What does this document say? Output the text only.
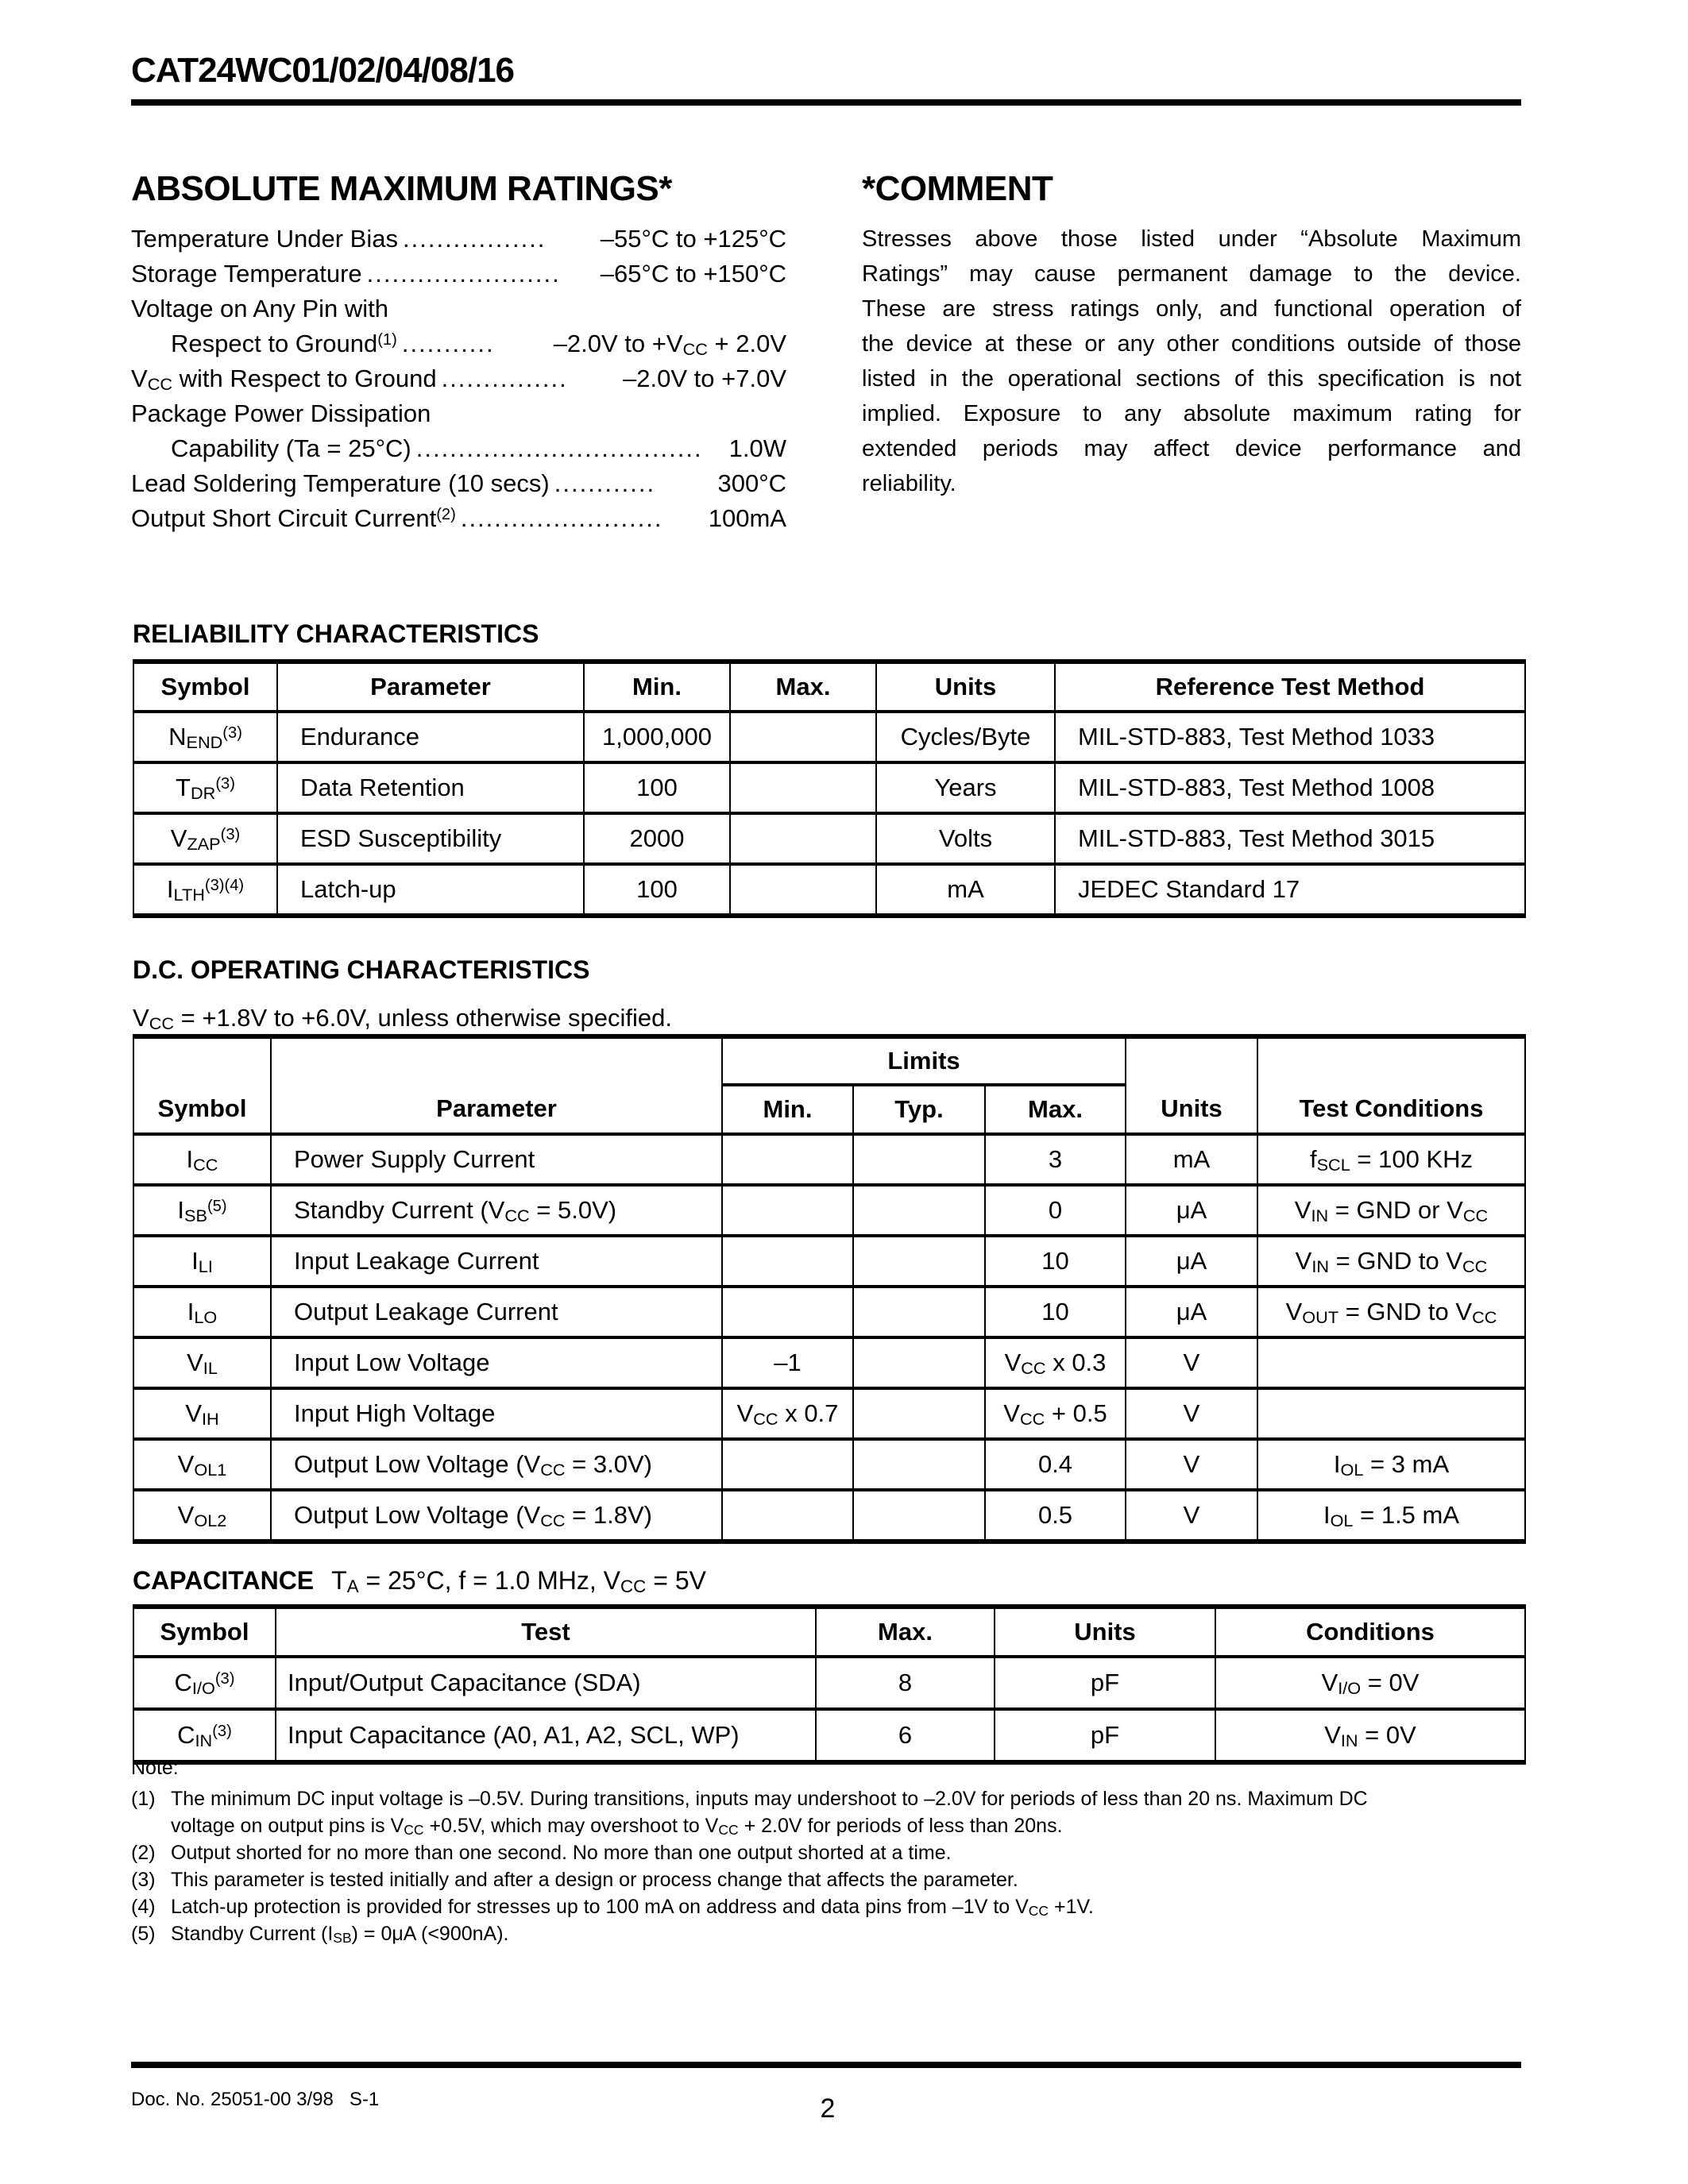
CAT24WC01/02/04/08/16
ABSOLUTE MAXIMUM RATINGS*
Temperature Under Bias .................	–55°C to +125°C
Storage Temperature .......................	–65°C to +150°C
Voltage on Any Pin with
Respect to Ground$^{(1)}$ ...........	–2.0V to $+V_{CC} + 2.0V$
$V_{CC}$ with Respect to Ground ...............	–2.0V to +7.0V
Package Power Dissipation
Capability (Ta = 25°C) ..................................	1.0W
Lead Soldering Temperature (10 secs) ............	300°C
Output Short Circuit Current$^{(2)}$ ........................	100mA
*COMMENT
Stresses above those listed under “Absolute Maximum
Ratings” may cause permanent damage to the device.
These are stress ratings only, and functional operation of
the device at these or any other conditions outside of those
listed in the operational sections of this specification is not
implied. Exposure to any absolute maximum rating for
extended periods may affect device performance and
reliability.
RELIABILITY CHARACTERISTICS
Symbol	Parameter	Min.	Max.	Units	Reference Test Method
$N_{END}^{(3)}$	Endurance	1,000,000		Cycles/Byte	MIL-STD-883, Test Method 1033
$T_{DR}^{(3)}$	Data Retention	100		Years	MIL-STD-883, Test Method 1008
$V_{ZAP}^{(3)}$	ESD Susceptibility	2000		Volts	MIL-STD-883, Test Method 3015
$I_{LTH}^{(3)(4)}$	Latch-up	100		mA	JEDEC Standard 17
D.C. OPERATING CHARACTERISTICS
$V_{CC} = +1.8V$ to +6.0V, unless otherwise specified.
Symbol	Parameter	Limits			Units	Test Conditions
		Min.	Typ.	Max.		
$I_{CC}$	Power Supply Current			3	mA	$f_{SCL} = 100$ KHz
$I_{SB}^{(5)}$	Standby Current $(V_{CC} = 5.0V)$			0	μA	$V_{IN}$ = GND or $V_{CC}$
$I_{LI}$	Input Leakage Current			10	μA	$V_{IN}$ = GND to $V_{CC}$
$I_{LO}$	Output Leakage Current			10	μA	$V_{OUT}$ = GND to $V_{CC}$
$V_{IL}$	Input Low Voltage	–1		$V_{CC}$ x 0.3	V	
$V_{IH}$	Input High Voltage	$V_{CC}$ x 0.7		$V_{CC} + 0.5$	V	
$V_{OL1}$	Output Low Voltage $(V_{CC} = 3.0V)$			0.4	V	$I_{OL} = 3$ mA
$V_{OL2}$	Output Low Voltage $(V_{CC} = 1.8V)$			0.5	V	$I_{OL} = 1.5$ mA
CAPACITANCE $T_A = 25^\circ C$, f = 1.0 MHz, $V_{CC} = 5V$
Symbol	Test	Max.	Units	Conditions
$C_{I/O}^{(3)}$	Input/Output Capacitance (SDA)	8	pF	$V_{I/O} = 0V$
$C_{IN}^{(3)}$	Input Capacitance (A0, A1, A2, SCL, WP)	6	pF	$V_{IN} = 0V$
Note:
(1) The minimum DC input voltage is –0.5V. During transitions, inputs may undershoot to –2.0V for periods of less than 20 ns. Maximum DC
voltage on output pins is $V_{CC} +0.5V$, which may overshoot to $V_{CC} + 2.0V$ for periods of less than 20ns.
(2) Output shorted for no more than one second. No more than one output shorted at a time.
(3) This parameter is tested initially and after a design or process change that affects the parameter.
(4) Latch-up protection is provided for stresses up to 100 mA on address and data pins from –1V to $V_{CC} +1V$.
(5) Standby Current $(I_{SB}) = 0\mu A$ (<900nA).
Doc. No. 25051-00 3/98   S-1	2
